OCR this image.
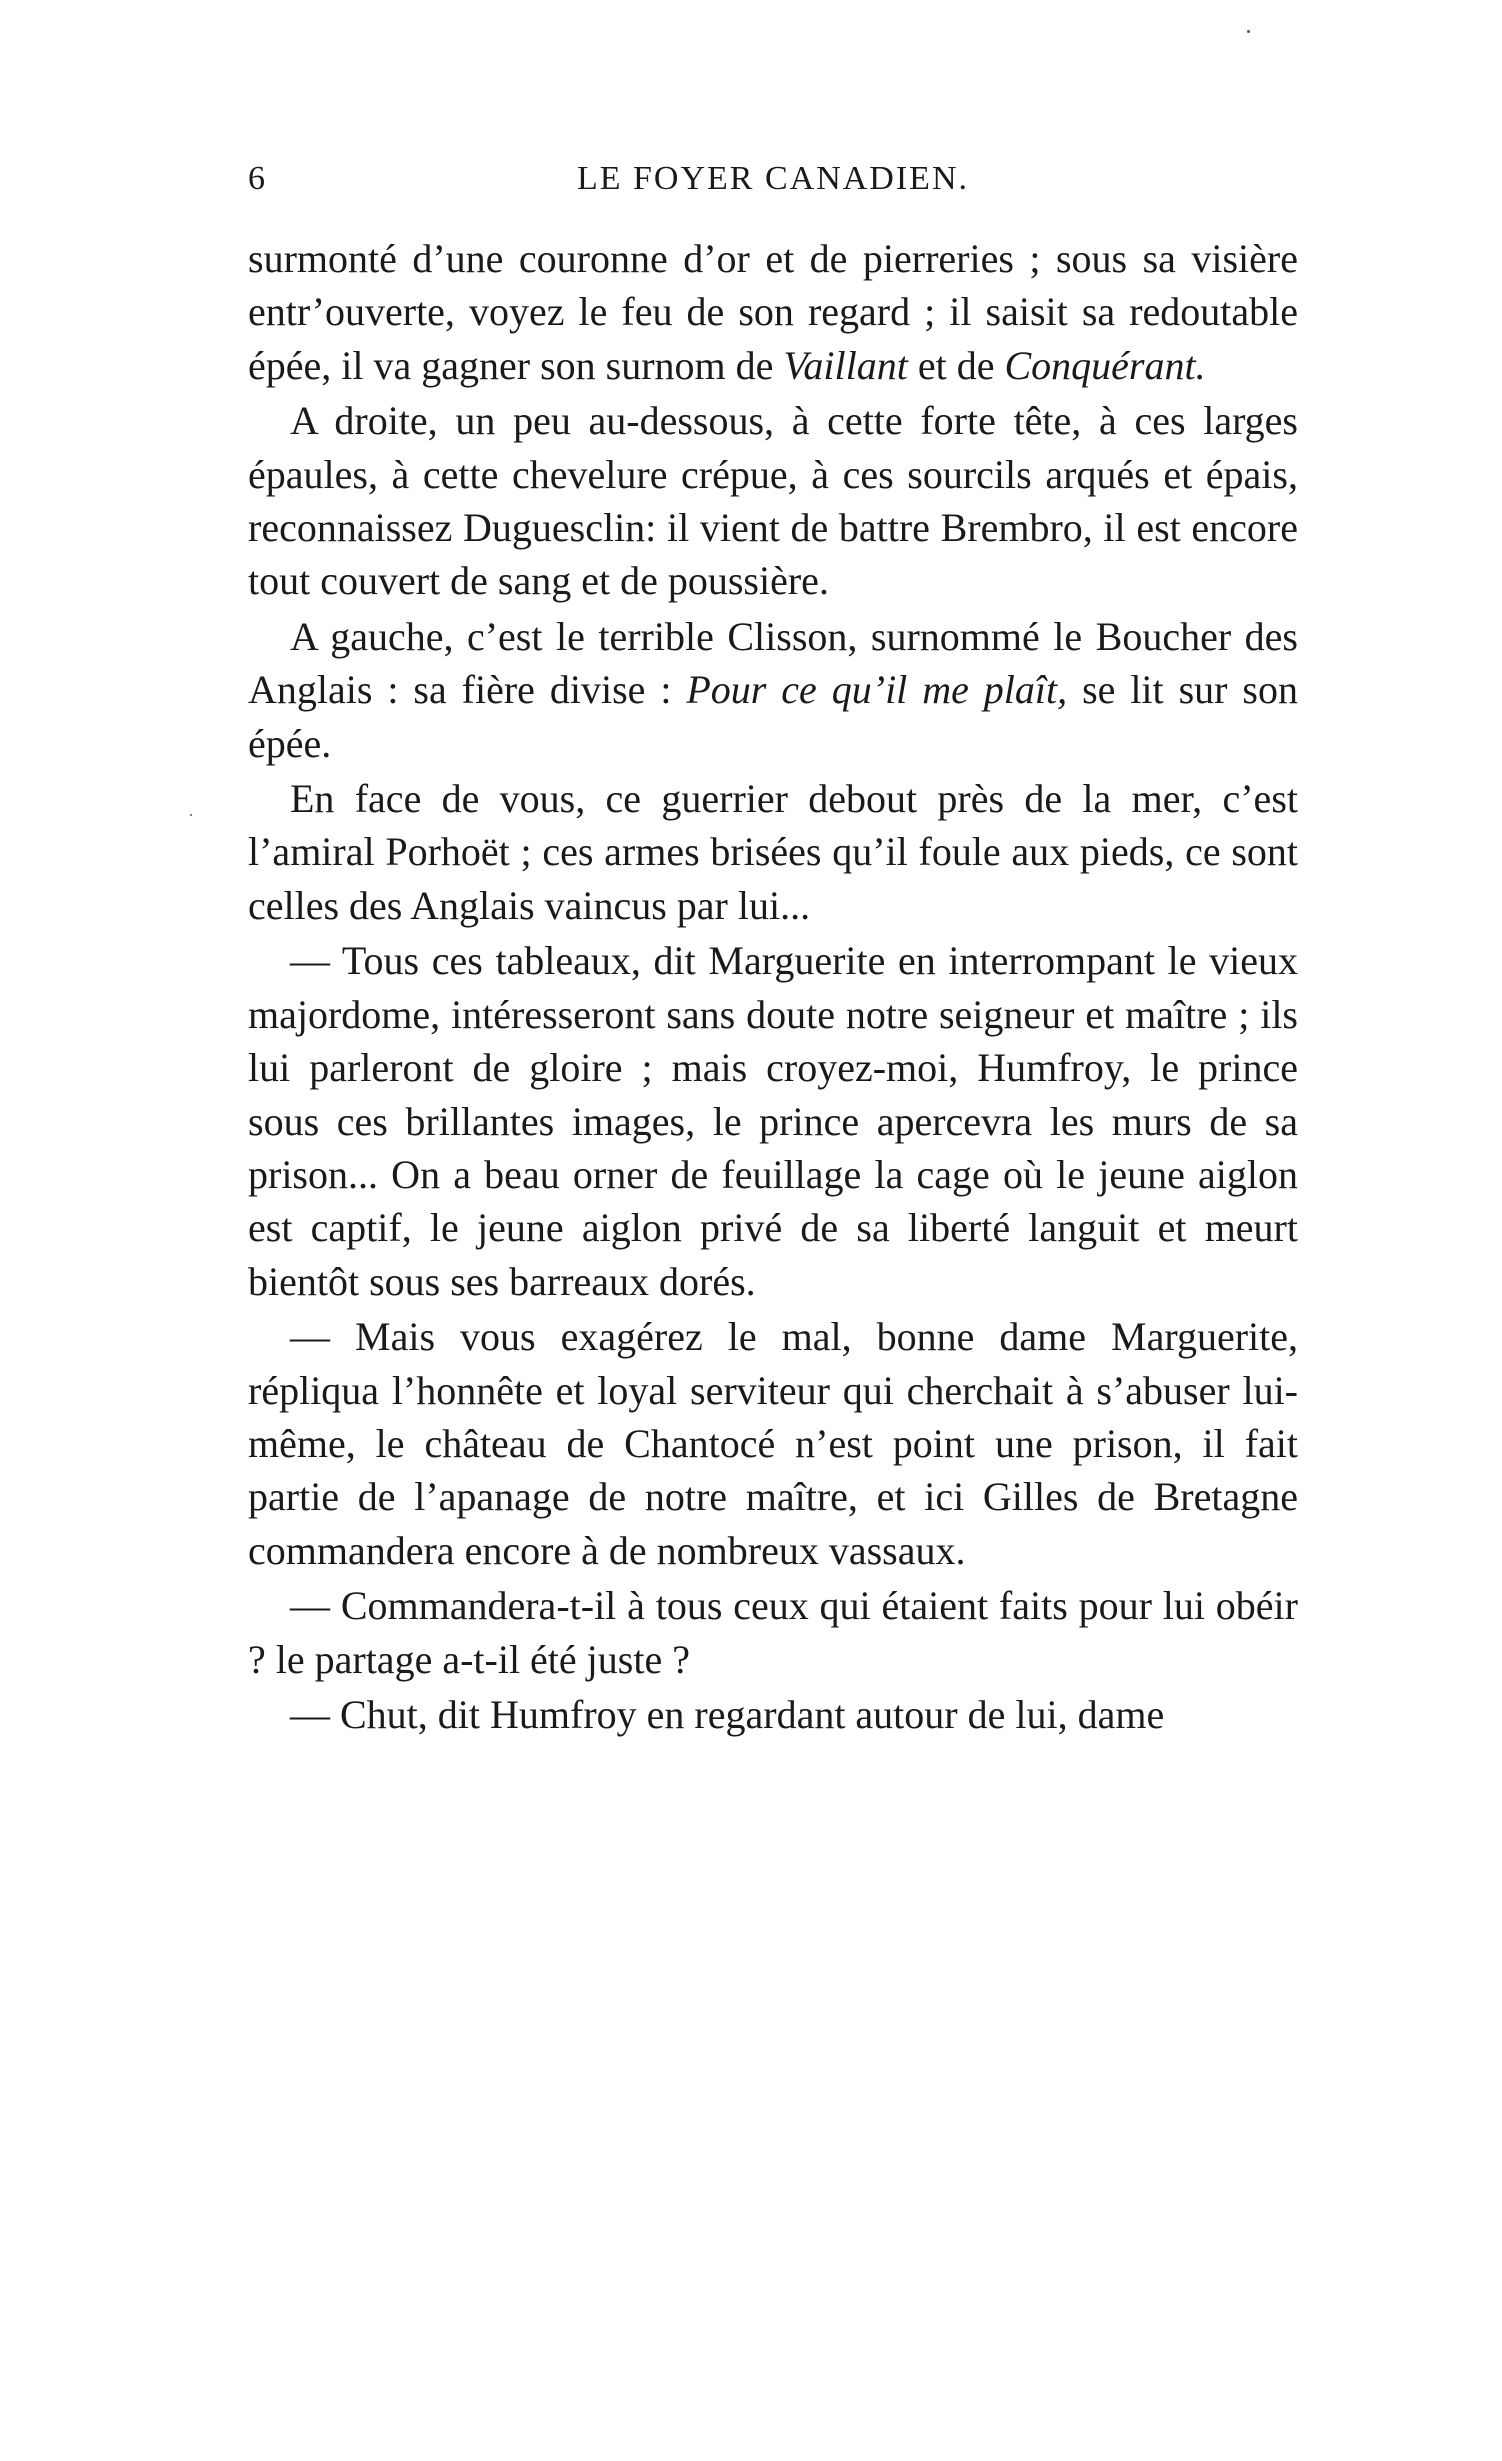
6	LE FOYER CANADIEN.

surmonté d’une couronne d’or et de pierreries ; sous sa visière entr’ouverte, voyez le feu de son regard ; il saisit sa redoutable épée, il va gagner son surnom de Vaillant et de Conquérant.

A droite, un peu au-dessous, à cette forte tête, à ces larges épaules, à cette chevelure crépue, à ces sourcils arqués et épais, reconnaissez Duguesclin: il vient de battre Brembro, il est encore tout couvert de sang et de poussière.

A gauche, c’est le terrible Clisson, surnommé le Boucher des Anglais : sa fière divise : Pour ce qu’il me plaît, se lit sur son épée.

En face de vous, ce guerrier debout près de la mer, c’est l’amiral Porhoët ; ces armes brisées qu’il foule aux pieds, ce sont celles des Anglais vaincus par lui...

— Tous ces tableaux, dit Marguerite en interrompant le vieux majordome, intéresseront sans doute notre seigneur et maître ; ils lui parleront de gloire ; mais croyez-moi, Humfroy, le prince sous ces brillantes images, le prince apercevra les murs de sa prison... On a beau orner de feuillage la cage où le jeune aiglon est captif, le jeune aiglon privé de sa liberté languit et meurt bientôt sous ses barreaux dorés.

— Mais vous exagérez le mal, bonne dame Marguerite, répliqua l’honnête et loyal serviteur qui cherchait à s’abuser lui-même, le château de Chantocé n’est point une prison, il fait partie de l’apanage de notre maître, et ici Gilles de Bretagne commandera encore à de nombreux vassaux.

— Commandera-t-il à tous ceux qui étaient faits pour lui obéir ? le partage a-t-il été juste ?

— Chut, dit Humfroy en regardant autour de lui, dame
